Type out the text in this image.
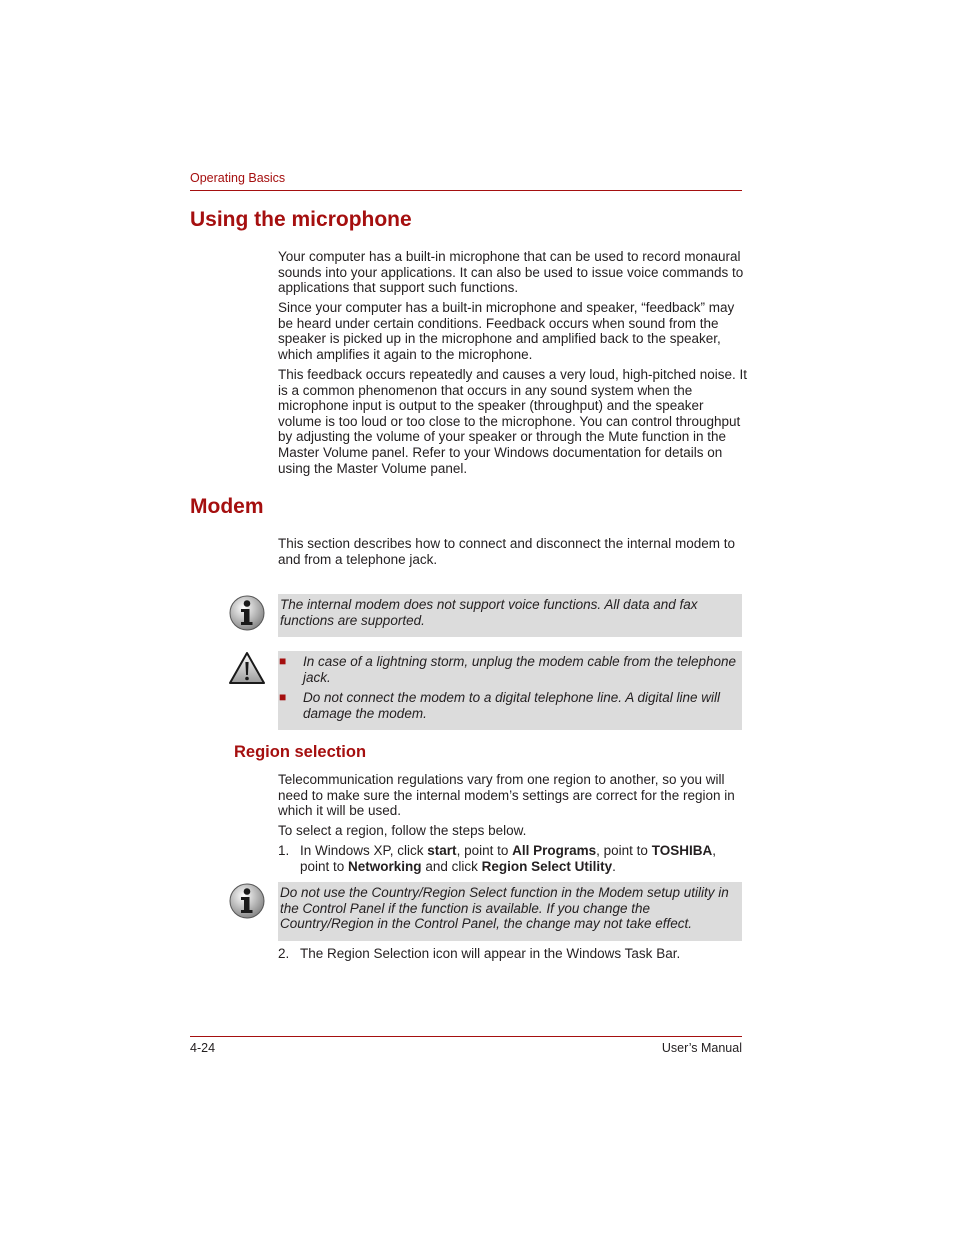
Operating Basics
Using the microphone

Your computer has a built-in microphone that can be used to record monaural sounds into your applications. It can also be used to issue voice commands to applications that support such functions.

Since your computer has a built-in microphone and speaker, “feedback” may be heard under certain conditions. Feedback occurs when sound from the speaker is picked up in the microphone and amplified back to the speaker, which amplifies it again to the microphone.

This feedback occurs repeatedly and causes a very loud, high-pitched noise. It is a common phenomenon that occurs in any sound system when the microphone input is output to the speaker (throughput) and the speaker volume is too loud or too close to the microphone. You can control throughput by adjusting the volume of your speaker or through the Mute function in the Master Volume panel. Refer to your Windows documentation for details on using the Master Volume panel.

Modem

This section describes how to connect and disconnect the internal modem to and from a telephone jack.

The internal modem does not support voice functions. All data and fax functions are supported.
■	In case of a lightning storm, unplug the modem cable from the telephone jack.
■	Do not connect the modem to a digital telephone line. A digital line will damage the modem.
Region selection

Telecommunication regulations vary from one region to another, so you will need to make sure the internal modem’s settings are correct for the region in which it will be used.

To select a region, follow the steps below.

1. In Windows XP, click start, point to All Programs, point to TOSHIBA, point to Networking and click Region Select Utility.
Do not use the Country/Region Select function in the Modem setup utility in the Control Panel if the function is available. If you change the Country/Region in the Control Panel, the change may not take effect.
2. The Region Selection icon will appear in the Windows Task Bar.
4-24	User’s Manual
